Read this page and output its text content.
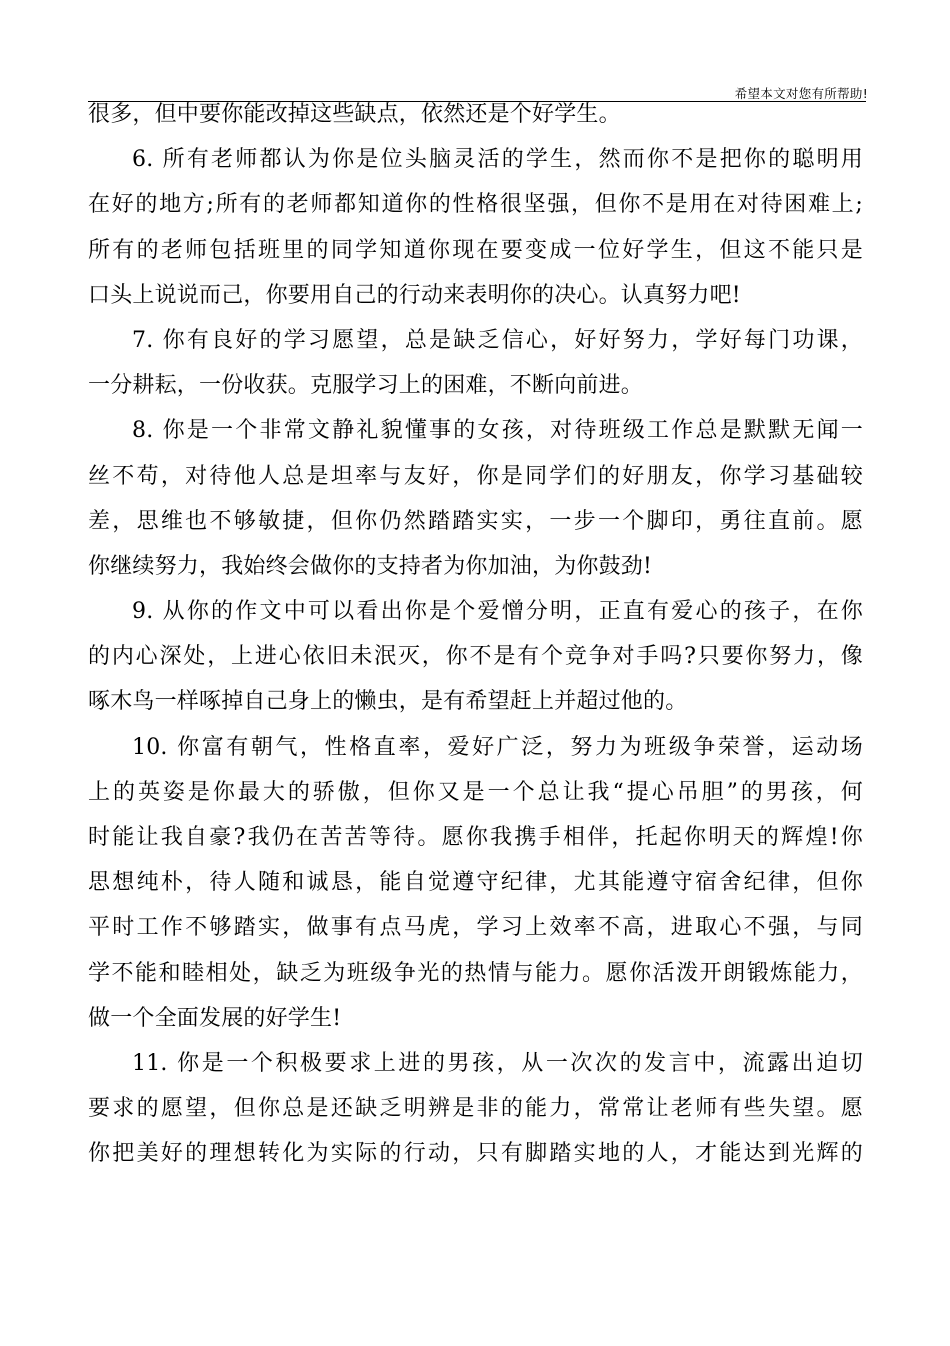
希望本文对您有所帮助!
很多，但中要你能改掉这些缺点，依然还是个好学生。
6. 所有老师都认为你是位头脑灵活的学生，然而你不是把你的聪明用
在好的地方;所有的老师都知道你的性格很坚强，但你不是用在对待困难上;
所有的老师包括班里的同学知道你现在要变成一位好学生，但这不能只是
口头上说说而己，你要用自己的行动来表明你的决心。认真努力吧!
7. 你有良好的学习愿望，总是缺乏信心，好好努力，学好每门功课，
一分耕耘，一份收获。克服学习上的困难，不断向前进。
8. 你是一个非常文静礼貌懂事的女孩，对待班级工作总是默默无闻一
丝不苟，对待他人总是坦率与友好，你是同学们的好朋友，你学习基础较
差，思维也不够敏捷，但你仍然踏踏实实，一步一个脚印，勇往直前。愿
你继续努力，我始终会做你的支持者为你加油，为你鼓劲!
9. 从你的作文中可以看出你是个爱憎分明，正直有爱心的孩子，在你
的内心深处，上进心依旧未泯灭，你不是有个竞争对手吗?只要你努力，像
啄木鸟一样啄掉自己身上的懒虫，是有希望赶上并超过他的。
10. 你富有朝气，性格直率，爱好广泛，努力为班级争荣誉，运动场
上的英姿是你最大的骄傲，但你又是一个总让我“提心吊胆”的男孩，何
时能让我自豪?我仍在苦苦等待。愿你我携手相伴，托起你明天的辉煌!你
思想纯朴，待人随和诚恳，能自觉遵守纪律，尤其能遵守宿舍纪律，但你
平时工作不够踏实，做事有点马虎，学习上效率不高，进取心不强，与同
学不能和睦相处，缺乏为班级争光的热情与能力。愿你活泼开朗锻炼能力，
做一个全面发展的好学生!
11. 你是一个积极要求上进的男孩，从一次次的发言中，流露出迫切
要求的愿望，但你总是还缺乏明辨是非的能力，常常让老师有些失望。愿
你把美好的理想转化为实际的行动，只有脚踏实地的人，才能达到光辉的
